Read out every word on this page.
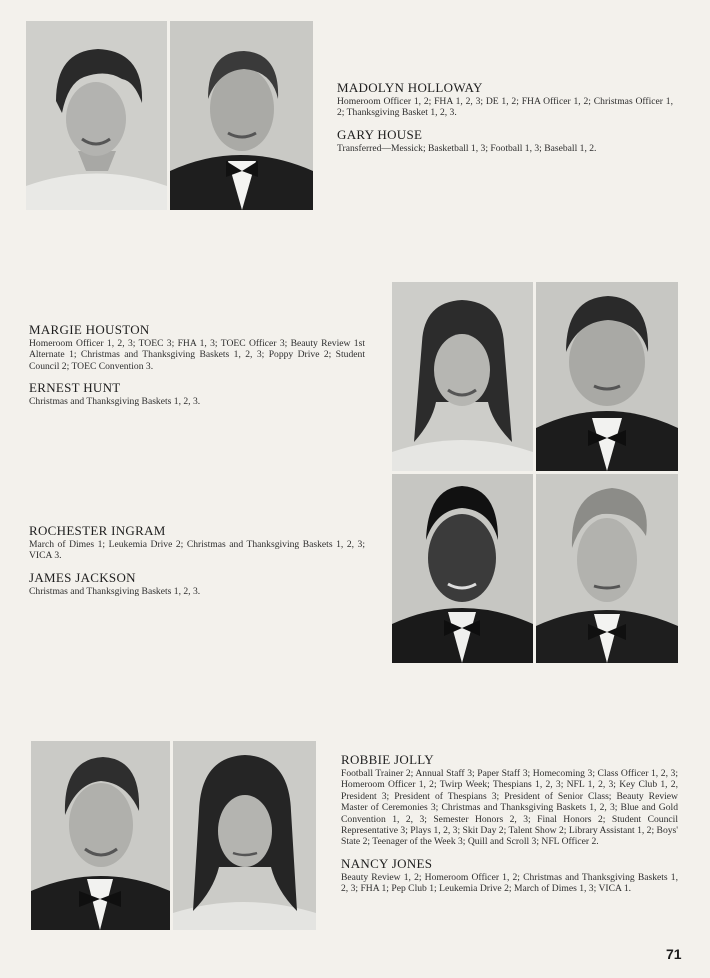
MADOLYN HOLLOWAY
Homeroom Officer 1, 2; FHA 1, 2, 3; DE 1, 2; FHA Officer 1, 2; Christmas Officer 1, 2; Thanksgiving Basket 1, 2, 3.
GARY HOUSE
Transferred—Messick; Basketball 1, 3; Football 1, 3; Baseball 1, 2.
MARGIE HOUSTON
Homeroom Officer 1, 2, 3; TOEC 3; FHA 1, 3; TOEC Officer 3; Beauty Review 1st Alternate 1; Christmas and Thanksgiving Baskets 1, 2, 3; Poppy Drive 2; Student Council 2; TOEC Convention 3.
ERNEST HUNT
Christmas and Thanksgiving Baskets 1, 2, 3.
ROCHESTER INGRAM
March of Dimes 1; Leukemia Drive 2; Christmas and Thanksgiving Baskets 1, 2, 3; VICA 3.
JAMES JACKSON
Christmas and Thanksgiving Baskets 1, 2, 3.
ROBBIE JOLLY
Football Trainer 2; Annual Staff 3; Paper Staff 3; Homecoming 3; Class Officer 1, 2, 3; Homeroom Officer 1, 2; Twirp Week; Thespians 1, 2, 3; NFL 1, 2, 3; Key Club 1, 2, President 3; President of Thespians 3; President of Senior Class; Beauty Review Master of Ceremonies 3; Christmas and Thanksgiving Baskets 1, 2, 3; Blue and Gold Convention 1, 2, 3; Semester Honors 2, 3; Final Honors 2; Student Council Representative 3; Plays 1, 2, 3; Skit Day 2; Talent Show 2; Library Assistant 1, 2; Boys' State 2; Teenager of the Week 3; Quill and Scroll 3; NFL Officer 2.
NANCY JONES
Beauty Review 1, 2; Homeroom Officer 1, 2; Christmas and Thanksgiving Baskets 1, 2, 3; FHA 1; Pep Club 1; Leukemia Drive 2; March of Dimes 1, 3; VICA 1.
71
